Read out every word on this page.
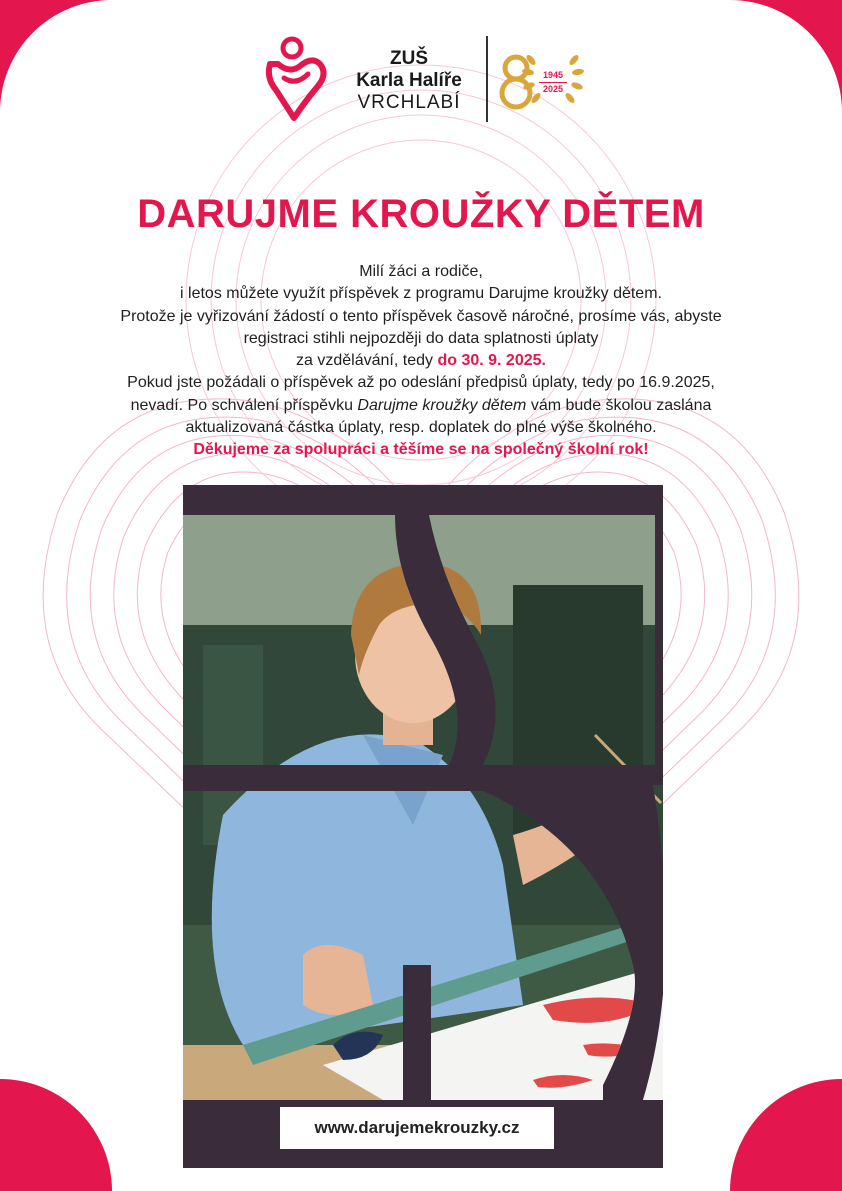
ZUŠ
Karla Halíře
VRCHLABÍ
1945
2025
DARUJME KROUŽKY DĚTEM
Milí žáci a rodiče,
i letos můžete využít příspěvek z programu Darujme kroužky dětem.
Protože je vyřizování žádostí o tento příspěvek časově náročné, prosíme vás, abyste
registraci stihli nejpozději do data splatnosti úplaty
za vzdělávání, tedy do 30. 9. 2025.
Pokud jste požádali o příspěvek až po odeslání předpisů úplaty, tedy po 16.9.2025,
nevadí. Po schválení příspěvku Darujme kroužky dětem vám bude školou zaslána
aktualizovaná částka úplaty, resp. doplatek do plné výše školného.
Děkujeme za spolupráci a těšíme se na společný školní rok!
www.darujemekrouzky.cz
